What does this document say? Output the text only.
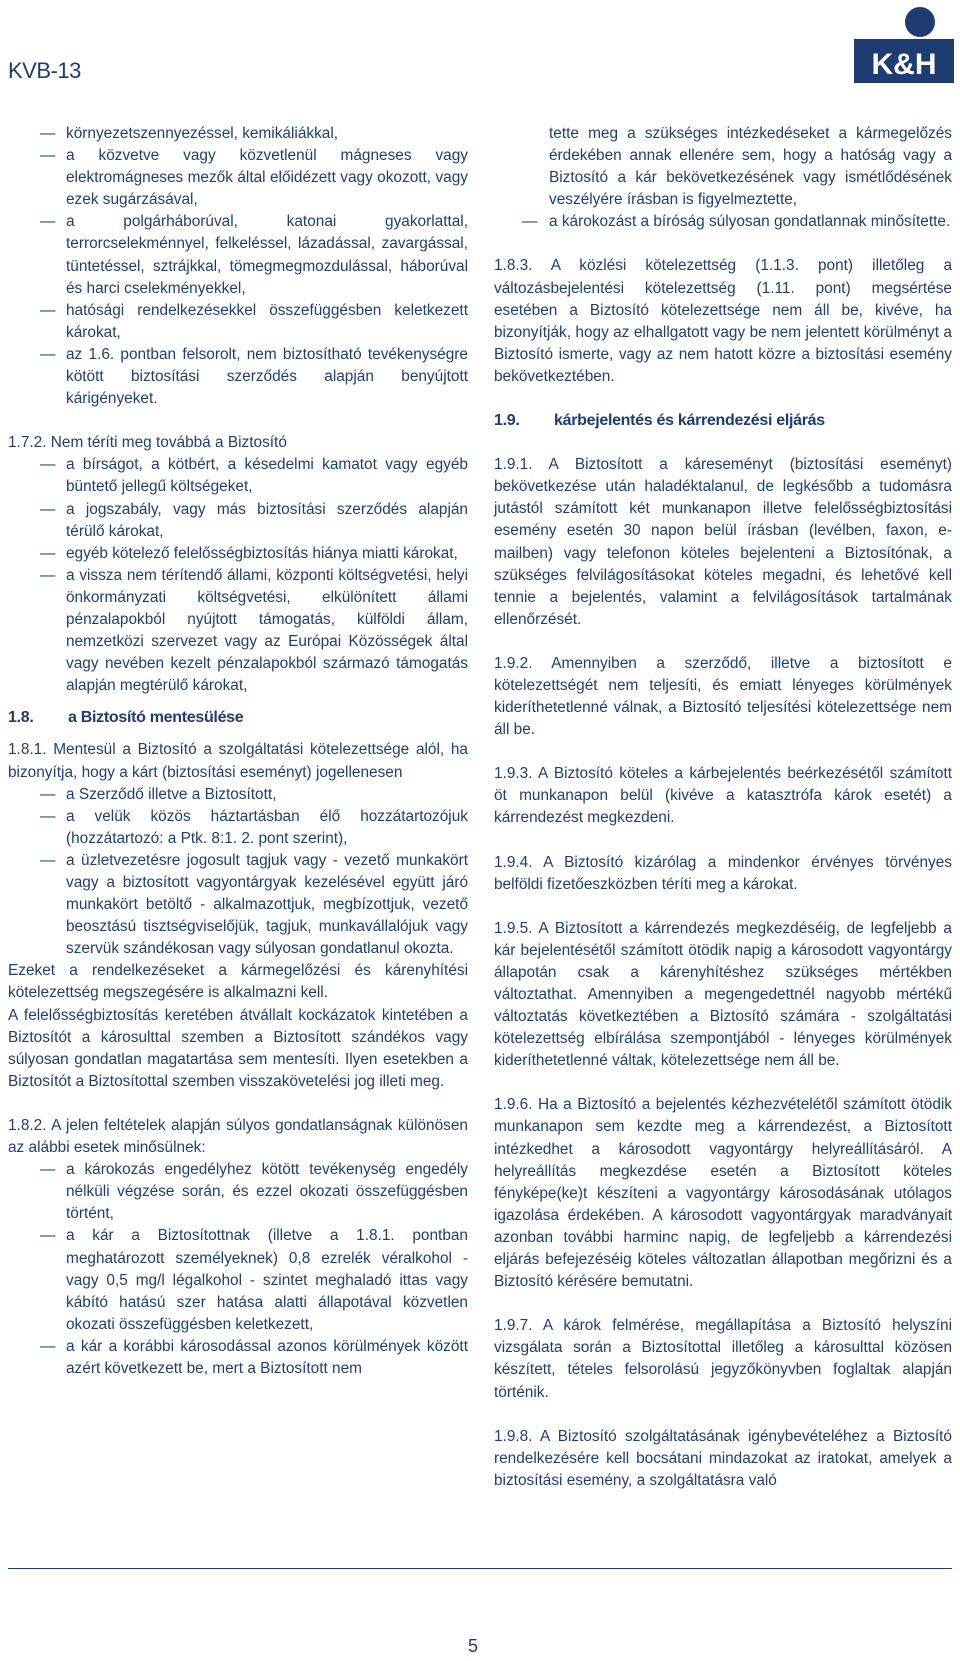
KVB-13	K&H

— környezetszennyezéssel, kemikáliákkal,

— a közvetve vagy közvetlenül mágneses vagy elektromágneses mezők által előidézett vagy okozott, vagy ezek sugárzásával,

— a polgárháborúval, katonai gyakorlattal, terrorcselekménnyel, felkeléssel, lázadással, zavargással, tüntetéssel, sztrájkkal, tömegmegmozdulással, háborúval és harci cselekményekkel,

— hatósági rendelkezésekkel összefüggésben keletkezett károkat,

— az 1.6. pontban felsorolt, nem biztosítható tevékenységre kötött biztosítási szerződés alapján benyújtott kárigényeket.

1.7.2. Nem téríti meg továbbá a Biztosító

— a bírságot, a kötbért, a késedelmi kamatot vagy egyéb büntető jellegű költségeket,

— a jogszabály, vagy más biztosítási szerződés alapján térülő károkat,

— egyéb kötelező felelősségbiztosítás hiánya miatti károkat,

— a vissza nem térítendő állami, központi költségvetési, helyi önkormányzati költségvetési, elkülönített állami pénzalapokból nyújtott támogatás, külföldi állam, nemzetközi szervezet vagy az Európai Közösségek által vagy nevében kezelt pénzalapokból származó támogatás alapján megtérülő károkat,

1.8. a Biztosító mentesülése

1.8.1. Mentesül a Biztosító a szolgáltatási kötelezettsége alól, ha bizonyítja, hogy a kárt (biztosítási eseményt) jogellenesen

— a Szerződő illetve a Biztosított,

— a velük közös háztartásban élő hozzátartozójuk (hozzátartozó: a Ptk. 8:1. 2. pont szerint),

— a üzletvezetésre jogosult tagjuk vagy - vezető munkakört vagy a biztosított vagyontárgyak kezelésével együtt járó munkakört betöltő - alkalmazottjuk, megbízottjuk, vezető beosztású tisztségviselőjük, tagjuk, munkavállalójuk vagy szervük szándékosan vagy súlyosan gondatlanul okozta.

Ezeket a rendelkezéseket a kármegelőzési és kárenyhítési kötelezettség megszegésére is alkalmazni kell.

A felelősségbiztosítás keretében átvállalt kockázatok kintetében a Biztosítót a károsulttal szemben a Biztosított szándékos vagy súlyosan gondatlan magatartása sem mentesíti. Ilyen esetekben a Biztosítót a Biztosítottal szemben visszakövetelési jog illeti meg.

1.8.2. A jelen feltételek alapján súlyos gondatlanságnak különösen az alábbi esetek minősülnek:

— a károkozás engedélyhez kötött tevékenység engedély nélküli végzése során, és ezzel okozati összefüggésben történt,

— a kár a Biztosítottnak (illetve a 1.8.1. pontban meghatározott személyeknek) 0,8 ezrelék véralkohol - vagy 0,5 mg/l légalkohol - szintet meghaladó ittas vagy kábító hatású szer hatása alatti állapotával közvetlen okozati összefüggésben keletkezett,

— a kár a korábbi károsodással azonos körülmények között azért következett be, mert a Biztosított nem

tette meg a szükséges intézkedéseket a kármegelőzés érdekében annak ellenére sem, hogy a hatóság vagy a Biztosító a kár bekövetkezésének vagy ismétlődésének veszélyére írásban is figyelmeztette,

— a károkozást a bíróság súlyosan gondatlannak minősítette.

1.8.3. A közlési kötelezettség (1.1.3. pont) illetőleg a változásbejelentési kötelezettség (1.11. pont) megsértése esetében a Biztosító kötelezettsége nem áll be, kivéve, ha bizonyítják, hogy az elhallgatott vagy be nem jelentett körülményt a Biztosító ismerte, vagy az nem hatott közre a biztosítási esemény bekövetkeztében.

1.9. kárbejelentés és kárrendezési eljárás

1.9.1. A Biztosított a káreseményt (biztosítási eseményt) bekövetkezése után haladéktalanul, de legkésőbb a tudomásra jutástól számított két munkanapon illetve felelősségbiztosítási esemény esetén 30 napon belül írásban (levélben, faxon, e-mailben) vagy telefonon köteles bejelenteni a Biztosítónak, a szükséges felvilágosításokat köteles megadni, és lehetővé kell tennie a bejelentés, valamint a felvilágosítások tartalmának ellenőrzését.

1.9.2. Amennyiben a szerződő, illetve a biztosított e kötelezettségét nem teljesíti, és emiatt lényeges körülmények kideríthetetlenné válnak, a Biztosító teljesítési kötelezettsége nem áll be.

1.9.3. A Biztosító köteles a kárbejelentés beérkezésétől számított öt munkanapon belül (kivéve a katasztrófa károk esetét) a kárrendezést megkezdeni.

1.9.4. A Biztosító kizárólag a mindenkor érvényes törvényes belföldi fizetőeszközben téríti meg a károkat.

1.9.5. A Biztosított a kárrendezés megkezdéséig, de legfeljebb a kár bejelentésétől számított ötödik napig a károsodott vagyontárgy állapotán csak a kárenyhítéshez szükséges mértékben változtathat. Amennyiben a megengedettnél nagyobb mértékű változtatás következtében a Biztosító számára - szolgáltatási kötelezettség elbírálása szempontjából - lényeges körülmények kideríthetetlenné váltak, kötelezettsége nem áll be.

1.9.6. Ha a Biztosító a bejelentés kézhezvételétől számított ötödik munkanapon sem kezdte meg a kárrendezést, a Biztosított intézkedhet a károsodott vagyontárgy helyreállításáról. A helyreállítás megkezdése esetén a Biztosított köteles fényképe(ke)t készíteni a vagyontárgy károsodásának utólagos igazolása érdekében. A károsodott vagyontárgyak maradványait azonban további harminc napig, de legfeljebb a kárrendezési eljárás befejezéséig köteles változatlan állapotban megőrizni és a Biztosító kérésére bemutatni.

1.9.7. A károk felmérése, megállapítása a Biztosító helyszíni vizsgálata során a Biztosítottal illetőleg a károsulttal közösen készített, tételes felsorolású jegyzőkönyvben foglaltak alapján történik.

1.9.8. A Biztosító szolgáltatásának igénybevételéhez a Biztosító rendelkezésére kell bocsátani mindazokat az iratokat, amelyek a biztosítási esemény, a szolgáltatásra való

5
